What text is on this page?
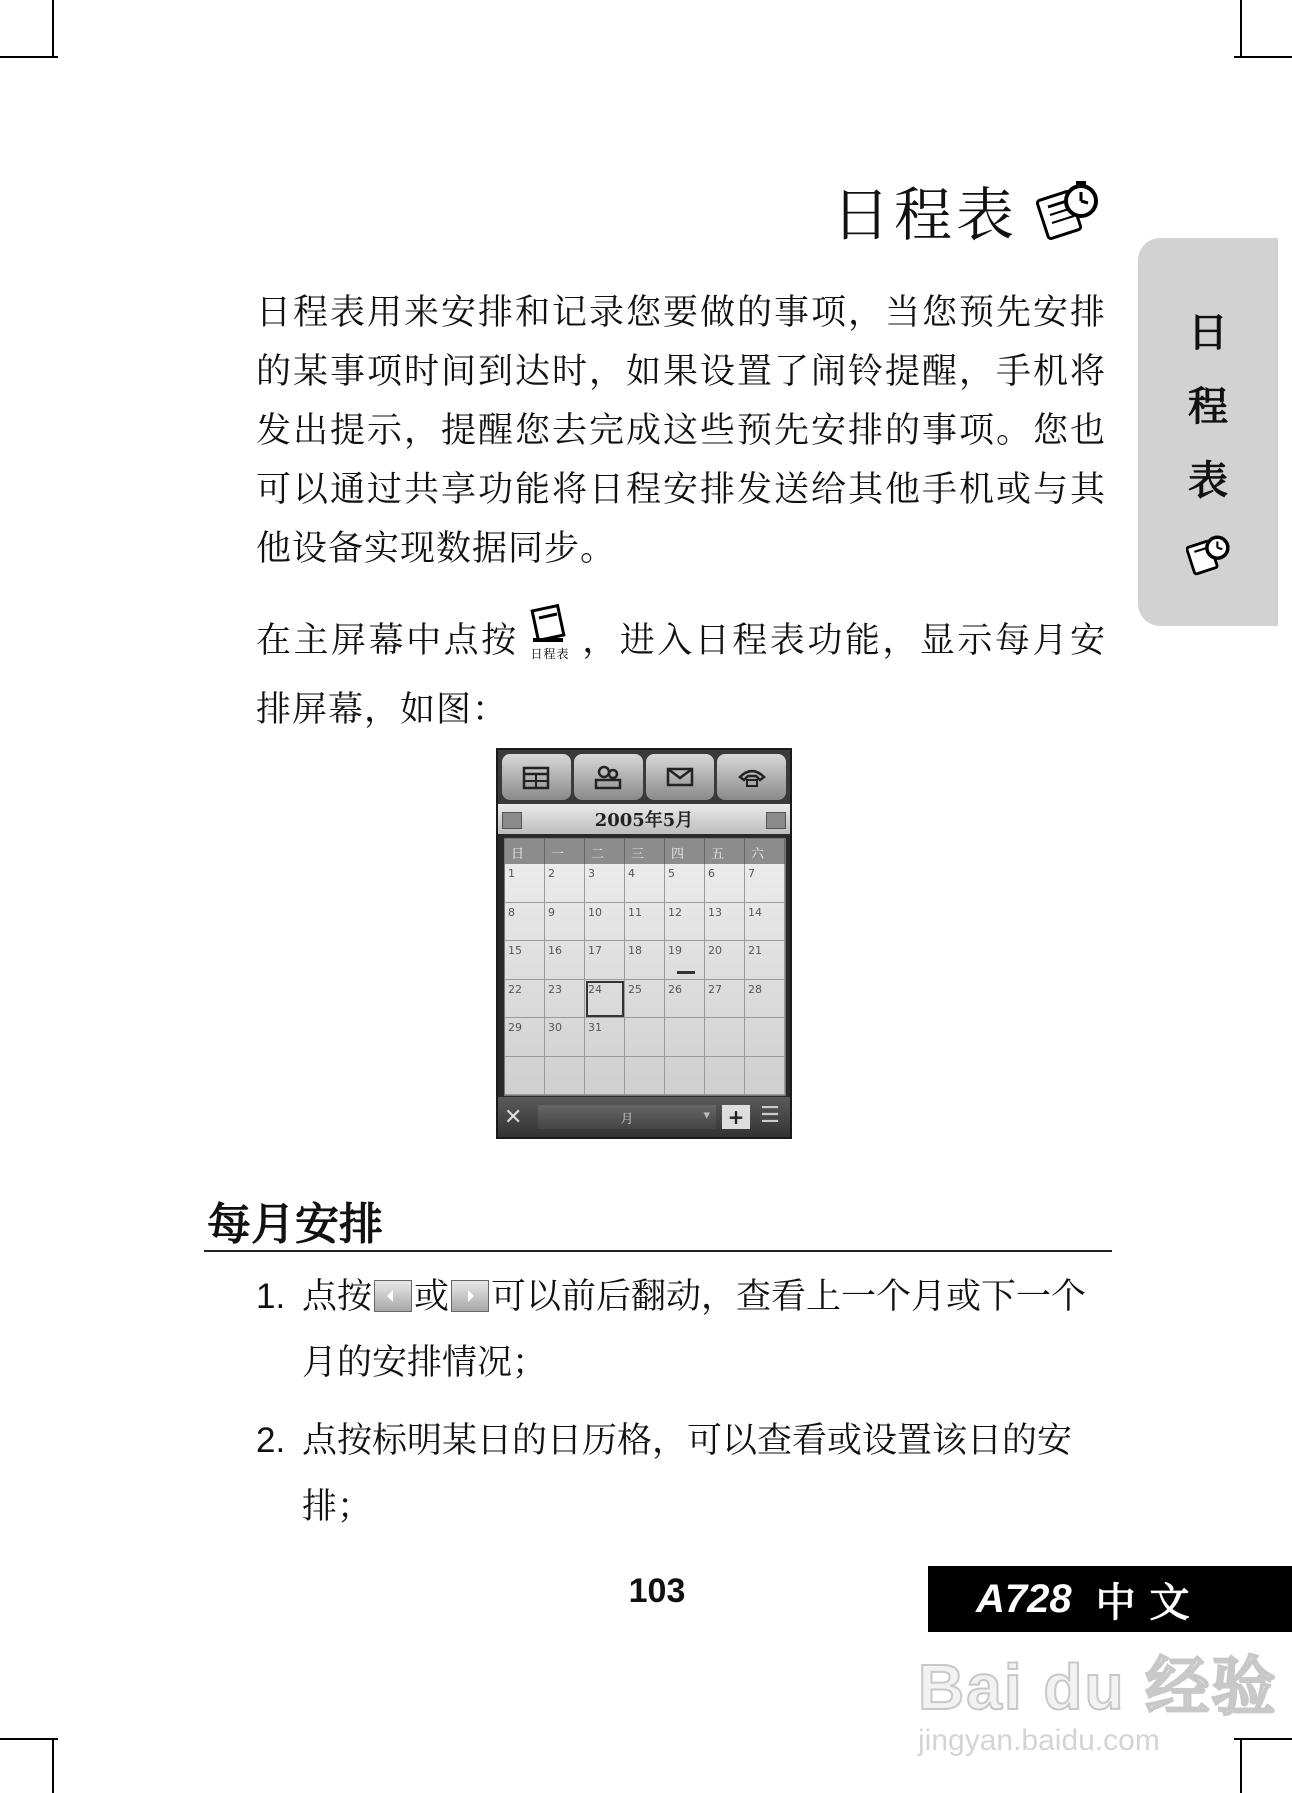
日程表
日
程
表

日程表用来安排和记录您要做的事项，当您预先安排的某事项时间到达时，如果设置了闹铃提醒，手机将发出提示，提醒您去完成这些预先安排的事项。您也可以通过共享功能将日程安排发送给其他手机或与其他设备实现数据同步。

在主屏幕中点按 日程表 ，进入日程表功能，显示每月安排屏幕，如图：

2005年5月
日	一	二	三	四	五	六
1	2	3	4	5	6	7
8	9	10	11	12	13	14
15	16	17	18	19	20	21
22	23	24	25	26	27	28
29	30	31
✕	月	▾ + ☰
每月安排

1. 点按 或 可以前后翻动，查看上一个月或下一个月的安排情况；

2. 点按标明某日的日历格，可以查看或设置该日的安排；

103	A728 中 文
Bai du 经验
jingyan.baidu.com
